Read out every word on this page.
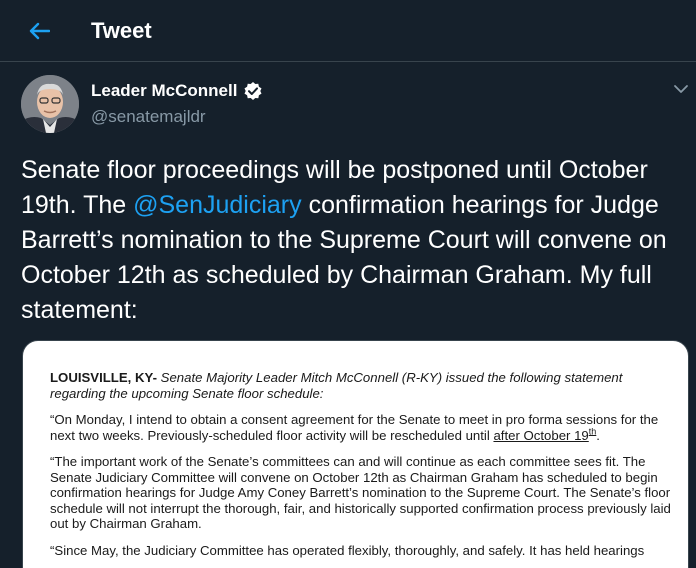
Tweet
Leader McConnell
@senatemajldr
Senate floor proceedings will be postponed until October 19th. The @SenJudiciary confirmation hearings for Judge Barrett’s nomination to the Supreme Court will convene on October 12th as scheduled by Chairman Graham. My full statement:

LOUISVILLE, KY- Senate Majority Leader Mitch McConnell (R-KY) issued the following statement regarding the upcoming Senate floor schedule:

“On Monday, I intend to obtain a consent agreement for the Senate to meet in pro forma sessions for the next two weeks. Previously-scheduled floor activity will be rescheduled until after October 19th.

“The important work of the Senate’s committees can and will continue as each committee sees fit. The Senate Judiciary Committee will convene on October 12th as Chairman Graham has scheduled to begin confirmation hearings for Judge Amy Coney Barrett’s nomination to the Supreme Court. The Senate’s floor schedule will not interrupt the thorough, fair, and historically supported confirmation process previously laid out by Chairman Graham.

“Since May, the Judiciary Committee has operated flexibly, thoroughly, and safely. It has held hearings
